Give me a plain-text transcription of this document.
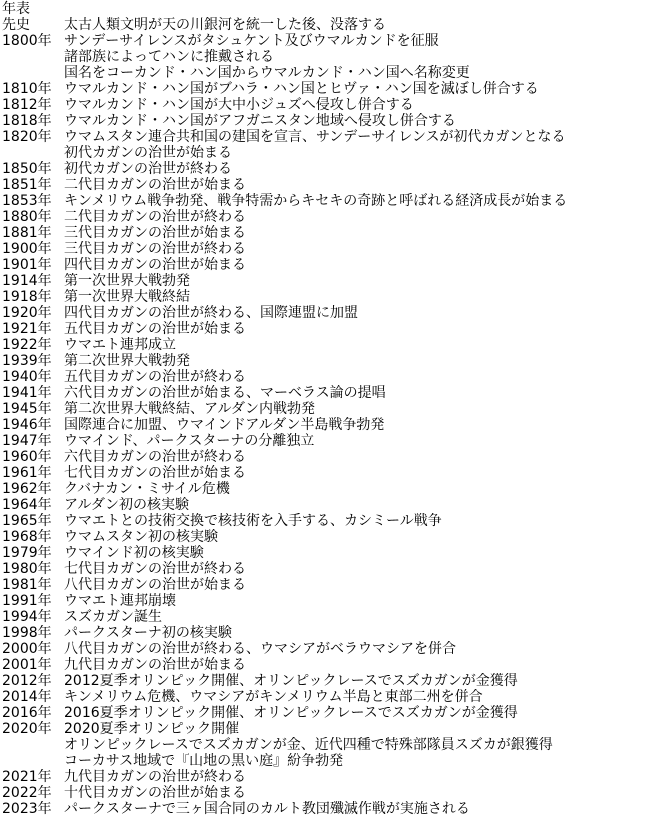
年表
先史	太古人類文明が天の川銀河を統一した後、没落する
1800年 サンデーサイレンスがタシュケント及びウマルカンドを征服
諸部族によってハンに推戴される
国名をコーカンド・ハン国からウマルカンド・ハン国へ名称変更
1810年 ウマルカンド・ハン国がブハラ・ハン国とヒヴァ・ハン国を滅ぼし併合する
1812年 ウマルカンド・ハン国が大中小ジュズへ侵攻し併合する
1818年 ウマルカンド・ハン国がアフガニスタン地域へ侵攻し併合する
1820年 ウマムスタン連合共和国の建国を宣言、サンデーサイレンスが初代カガンとなる
初代カガンの治世が始まる
1850年 初代カガンの治世が終わる
1851年 二代目カガンの治世が始まる
1853年 キンメリウム戦争勃発、戦争特需からキセキの奇跡と呼ばれる経済成長が始まる
1880年 二代目カガンの治世が終わる
1881年 三代目カガンの治世が始まる
1900年 三代目カガンの治世が終わる
1901年 四代目カガンの治世が始まる
1914年 第一次世界大戦勃発
1918年 第一次世界大戦終結
1920年 四代目カガンの治世が終わる、国際連盟に加盟
1921年 五代目カガンの治世が始まる
1922年 ウマエト連邦成立
1939年 第二次世界大戦勃発
1940年 五代目カガンの治世が終わる
1941年 六代目カガンの治世が始まる、マーベラス論の提唱
1945年 第二次世界大戦終結、アルダン内戦勃発
1946年 国際連合に加盟、ウマインドアルダン半島戦争勃発
1947年 ウマインド、パークスターナの分離独立
1960年 六代目カガンの治世が終わる
1961年 七代目カガンの治世が始まる
1962年 クバナカン・ミサイル危機
1964年 アルダン初の核実験
1965年 ウマエトとの技術交換で核技術を入手する、カシミール戦争
1968年 ウマムスタン初の核実験
1979年 ウマインド初の核実験
1980年 七代目カガンの治世が終わる
1981年 八代目カガンの治世が始まる
1991年 ウマエト連邦崩壊
1994年 スズカガン誕生
1998年 パークスターナ初の核実験
2000年 八代目カガンの治世が終わる、ウマシアがベラウマシアを併合
2001年 九代目カガンの治世が始まる
2012年 2012夏季オリンピック開催、オリンピックレースでスズカガンが金獲得
2014年 キンメリウム危機、ウマシアがキンメリウム半島と東部二州を併合
2016年 2016夏季オリンピック開催、オリンピックレースでスズカガンが金獲得
2020年 2020夏季オリンピック開催
オリンピックレースでスズカガンが金、近代四種で特殊部隊員スズカが銀獲得
コーカサス地域で『山地の黒い庭』紛争勃発
2021年 九代目カガンの治世が終わる
2022年 十代目カガンの治世が始まる
2023年 パークスターナで三ヶ国合同のカルト教団殲滅作戦が実施される
